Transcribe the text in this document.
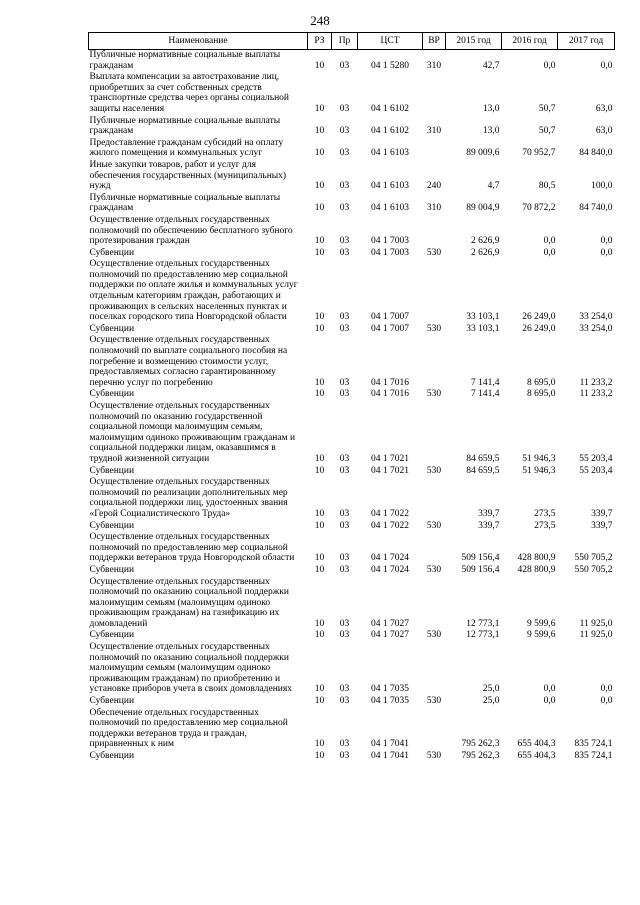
248
Наименование	РЗ	Пр	ЦСТ	ВР	2015 год	2016 год	2017 год
Публичные нормативные социальные выплаты гражданам	10	03	04 1 5280	310	42,7	0,0	0,0
Выплата компенсации за автострахование лиц, приобретших за счет собственных средств транспортные средства через органы социальной защиты населения	10	03	04 1 6102		13,0	50,7	63,0
Публичные нормативные социальные выплаты гражданам	10	03	04 1 6102	310	13,0	50,7	63,0
Предоставление гражданам субсидий на оплату жилого помещения и коммунальных услуг	10	03	04 1 6103		89 009,6	70 952,7	84 840,0
Иные закупки товаров, работ и услуг для обеспечения государственных (муниципальных) нужд	10	03	04 1 6103	240	4,7	80,5	100,0
Публичные нормативные социальные выплаты гражданам	10	03	04 1 6103	310	89 004,9	70 872,2	84 740,0
Осуществление отдельных государственных полномочий по обеспечению бесплатного зубного протезирования граждан	10	03	04 1 7003		2 626,9	0,0	0,0
Субвенции	10	03	04 1 7003	530	2 626,9	0,0	0,0
Осуществление отдельных государственных полномочий по предоставлению мер социальной поддержки по оплате жилья и коммунальных услуг отдельным категориям граждан, работающих и проживающих в сельских населенных пунктах и поселках городского типа Новгородской области	10	03	04 1 7007		33 103,1	26 249,0	33 254,0
Субвенции	10	03	04 1 7007	530	33 103,1	26 249,0	33 254,0
Осуществление отдельных государственных полномочий по выплате социального пособия на погребение и возмещению стоимости услуг, предоставляемых согласно гарантированному перечню услуг по погребению	10	03	04 1 7016		7 141,4	8 695,0	11 233,2
Субвенции	10	03	04 1 7016	530	7 141,4	8 695,0	11 233,2
Осуществление отдельных государственных полномочий по оказанию государственной социальной помощи малоимущим семьям, малоимущим одиноко проживающим гражданам и социальной поддержки лицам, оказавшимся в трудной жизненной ситуации	10	03	04 1 7021		84 659,5	51 946,3	55 203,4
Субвенции	10	03	04 1 7021	530	84 659,5	51 946,3	55 203,4
Осуществление отдельных государственных полномочий по реализации дополнительных мер социальной поддержки лиц, удостоенных звания «Герой Социалистического Труда»	10	03	04 1 7022		339,7	273,5	339,7
Субвенции	10	03	04 1 7022	530	339,7	273,5	339,7
Осуществление отдельных государственных полномочий по предоставлению мер социальной поддержки ветеранов труда Новгородской области	10	03	04 1 7024		509 156,4	428 800,9	550 705,2
Субвенции	10	03	04 1 7024	530	509 156,4	428 800,9	550 705,2
Осуществление отдельных государственных полномочий по оказанию социальной поддержки малоимущим семьям (малоимущим одиноко проживающим гражданам) на газификацию их домовладений	10	03	04 1 7027		12 773,1	9 599,6	11 925,0
Субвенции	10	03	04 1 7027	530	12 773,1	9 599,6	11 925,0
Осуществление отдельных государственных полномочий по оказанию социальной поддержки малоимущим семьям (малоимущим одиноко проживающим гражданам) по приобретению и установке приборов учета в своих домовладениях	10	03	04 1 7035		25,0	0,0	0,0
Субвенции	10	03	04 1 7035	530	25,0	0,0	0,0
Обеспечение отдельных государственных полномочий по предоставлению мер социальной поддержки ветеранов труда и граждан, приравненных к ним	10	03	04 1 7041		795 262,3	655 404,3	835 724,1
Субвенции	10	03	04 1 7041	530	795 262,3	655 404,3	835 724,1
